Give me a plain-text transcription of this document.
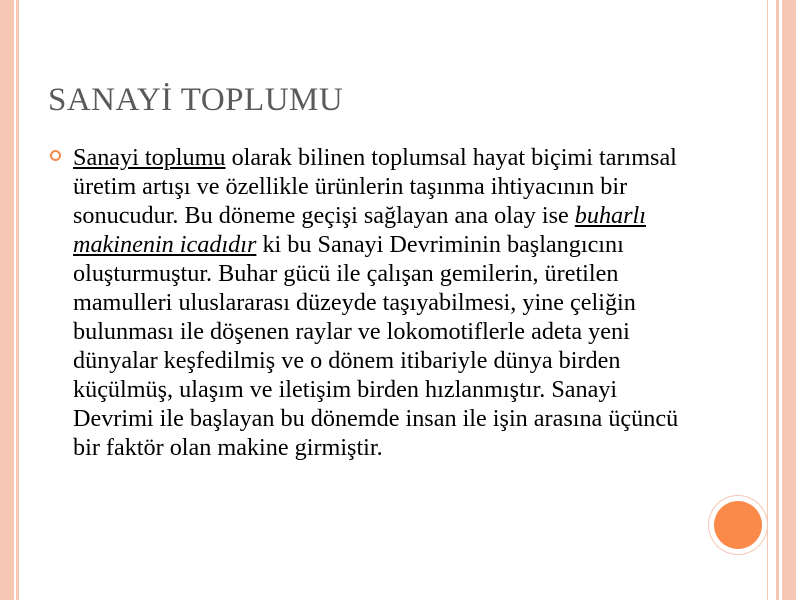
SANAYİ TOPLUMU
Sanayi toplumu olarak bilinen toplumsal hayat biçimi tarımsal üretim artışı ve özellikle ürünlerin taşınma ihtiyacının bir sonucudur. Bu döneme geçişi sağlayan ana olay ise buharlı makinenin icadıdır ki bu Sanayi Devriminin başlangıcını oluşturmuştur. Buhar gücü ile çalışan gemilerin, üretilen mamulleri uluslararası düzeyde taşıyabilmesi, yine çeliğin bulunması ile döşenen raylar ve lokomotiflerle adeta yeni dünyalar keşfedilmiş ve o dönem itibariyle dünya birden küçülmüş, ulaşım ve iletişim birden hızlanmıştır. Sanayi Devrimi ile başlayan bu dönemde insan ile işin arasına üçüncü bir faktör olan makine girmiştir.
